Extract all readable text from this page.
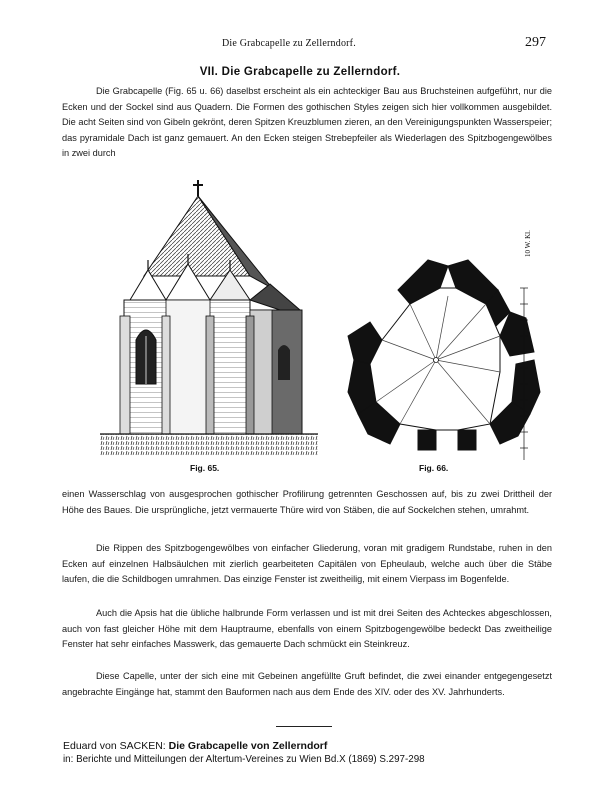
Die Grabcapelle zu Zellerndorf.	297
VII. Die Grabcapelle zu Zellerndorf.

Die Grabcapelle (Fig. 65 u. 66) daselbst erscheint als ein achteckiger Bau aus Bruchsteinen aufgeführt, nur die Ecken und der Sockel sind aus Quadern. Die Formen des gothischen Styles zeigen sich hier vollkommen ausgebildet. Die acht Seiten sind von Gibeln gekrönt, deren Spitzen Kreuzblumen zieren, an den Vereinigungspunkten Wasserspeier; das pyramidale Dach ist ganz gemauert. An den Ecken steigen Strebepfeiler als Wiederlagen des Spitzbogengewölbes in zwei durch

10 W. Kl.
Fig. 65.	Fig. 66.

einen Wasserschlag von ausgesprochen gothischer Profilirung getrennten Geschossen auf, bis zu zwei Drittheil der Höhe des Baues. Die ursprüngliche, jetzt vermauerte Thüre wird von Stäben, die auf Sockelchen stehen, umrahmt.

Die Rippen des Spitzbogengewölbes von einfacher Gliederung, voran mit gradigem Rundstabe, ruhen in den Ecken auf einzelnen Halbsäulchen mit zierlich gearbeiteten Capitälen von Epheulaub, welche auch über die Stäbe laufen, die die Schildbogen umrahmen. Das einzige Fenster ist zweitheilig, mit einem Vierpass im Bogenfelde.

Auch die Apsis hat die übliche halbrunde Form verlassen und ist mit drei Seiten des Achteckes abgeschlossen, auch von fast gleicher Höhe mit dem Hauptraume, ebenfalls von einem Spitzbogengewölbe bedeckt Das zweitheilige Fenster hat sehr einfaches Masswerk, das gemauerte Dach schmückt ein Steinkreuz.

Diese Capelle, unter der sich eine mit Gebeinen angefüllte Gruft befindet, die zwei einander entgegengesetzt angebrachte Eingänge hat, stammt den Bauformen nach aus dem Ende des XIV. oder des XV. Jahrhunderts.

Eduard von SACKEN: Die Grabcapelle von Zellerndorf
in: Berichte und Mitteilungen der Altertum-Vereines zu Wien Bd.X (1869) S.297-298
